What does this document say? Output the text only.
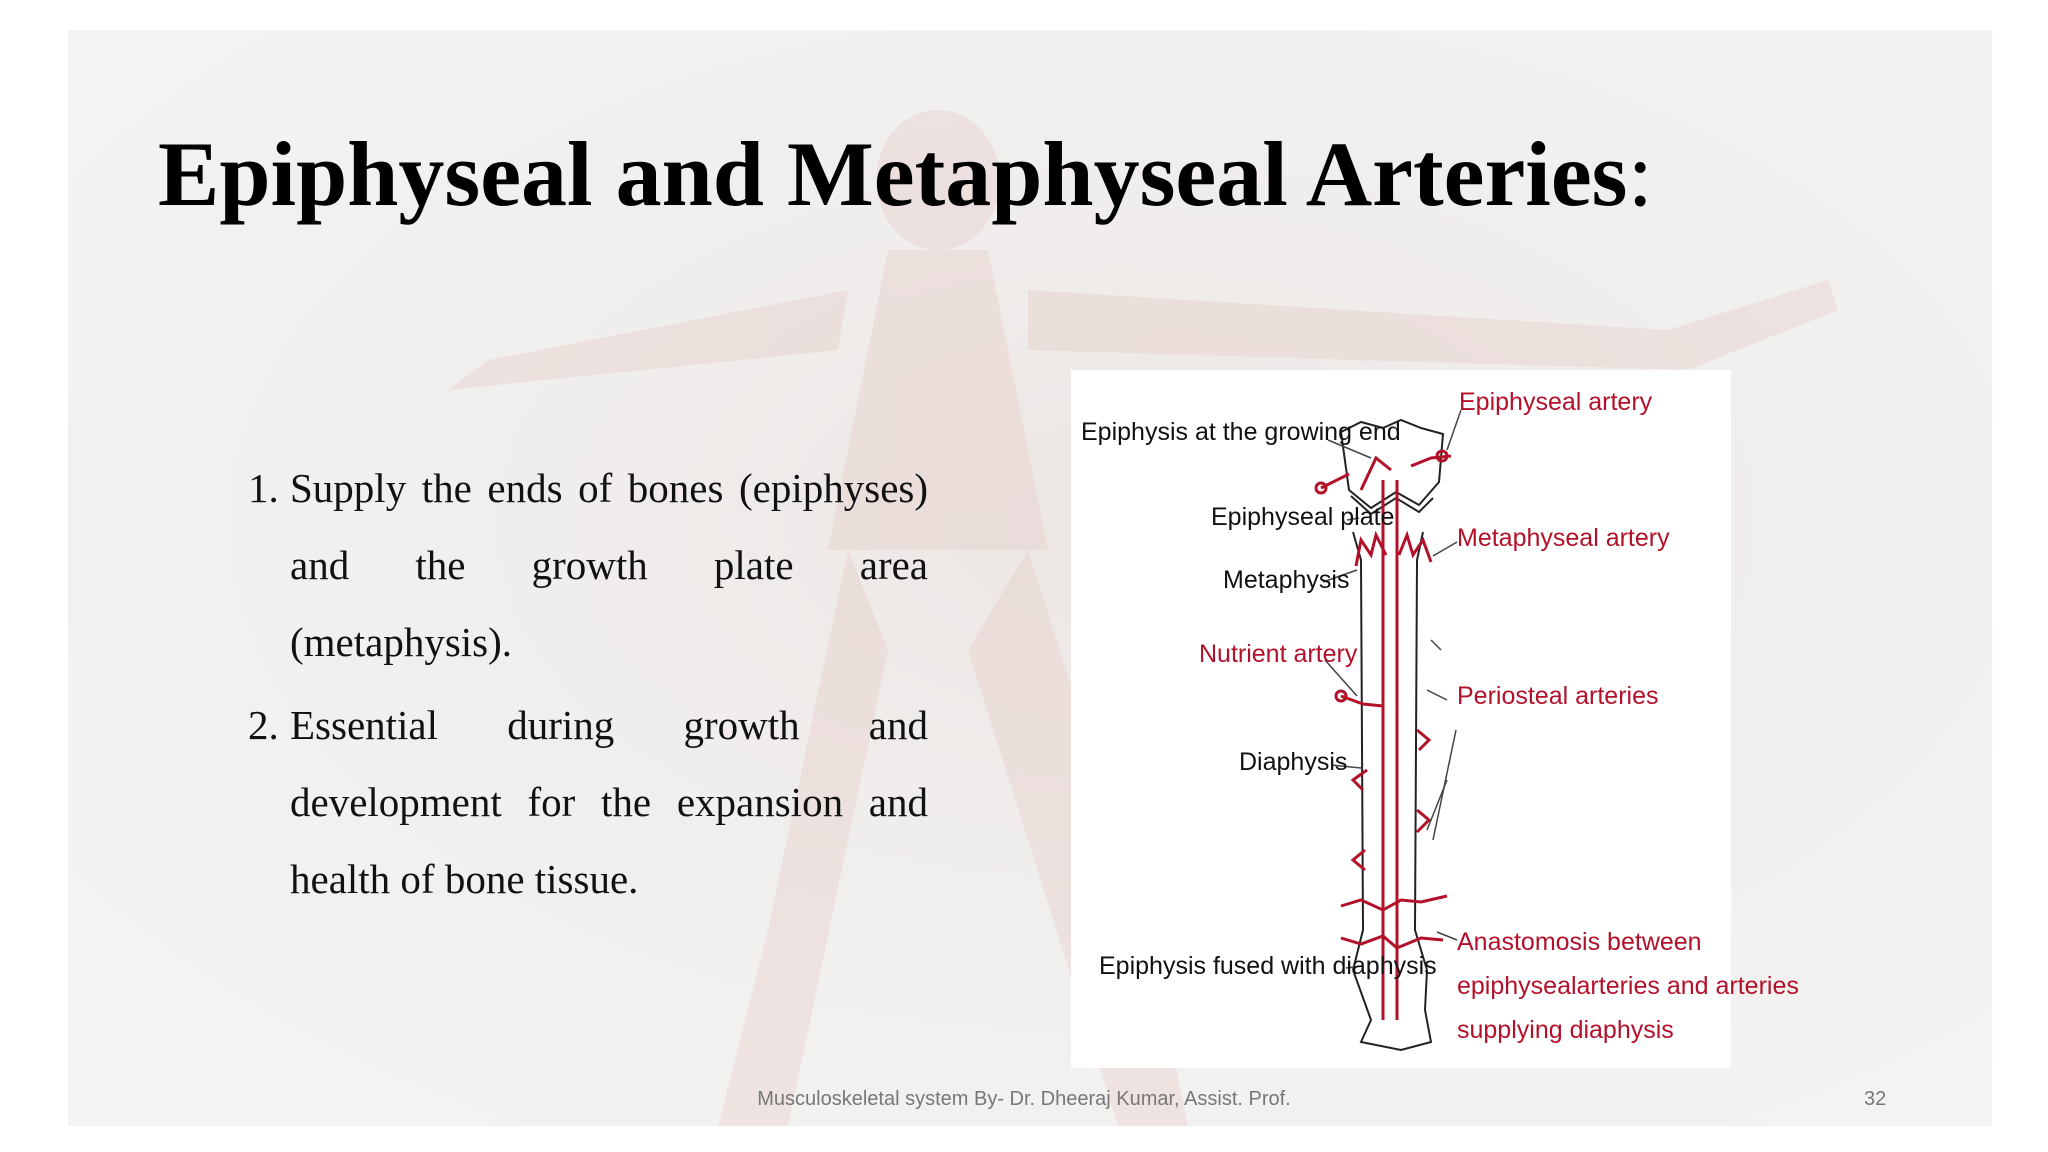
Epiphyseal and Metaphyseal Arteries:
1. Supply the ends of bones (epiphyses) and the growth plate area (metaphysis).
2. Essential during growth and development for the expansion and health of bone tissue.
Epiphysis at the growing end
Epiphyseal plate
Metaphysis
Nutrient artery
Diaphysis
Epiphysis fused with diaphysis
Epiphyseal artery
Metaphyseal artery
Periosteal arteries
Anastomosis between
epiphysealarteries and arteries
supplying diaphysis
Musculoskeletal system By- Dr. Dheeraj Kumar, Assist. Prof.	32
